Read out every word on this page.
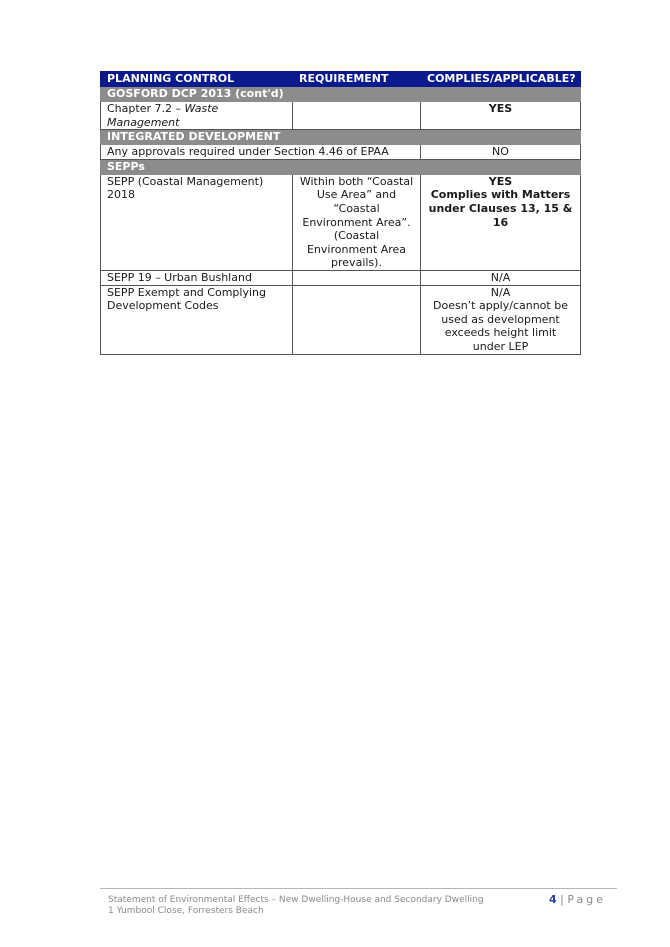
PLANNING CONTROL	REQUIREMENT	COMPLIES/APPLICABLE?
GOSFORD DCP 2013 (cont'd)		
Chapter 7.2 – Waste Management		YES
INTEGRATED DEVELOPMENT		
Any approvals required under Section 4.46 of EPAA		NO
SEPPs		
SEPP (Coastal Management) 2018	Within both “Coastal Use Area” and “Coastal Environment Area”. (Coastal Environment Area prevails).	YES
Complies with Matters under Clauses 13, 15 & 16

SEPP 19 – Urban Bushland		N/A
SEPP Exempt and Complying Development Codes		N/A
Doesn’t apply/cannot be used as development exceeds height limit under LEP
Statement of Environmental Effects – New Dwelling-House and Secondary Dwelling
1 Yumbool Close, Forresters Beach
4 | Page
